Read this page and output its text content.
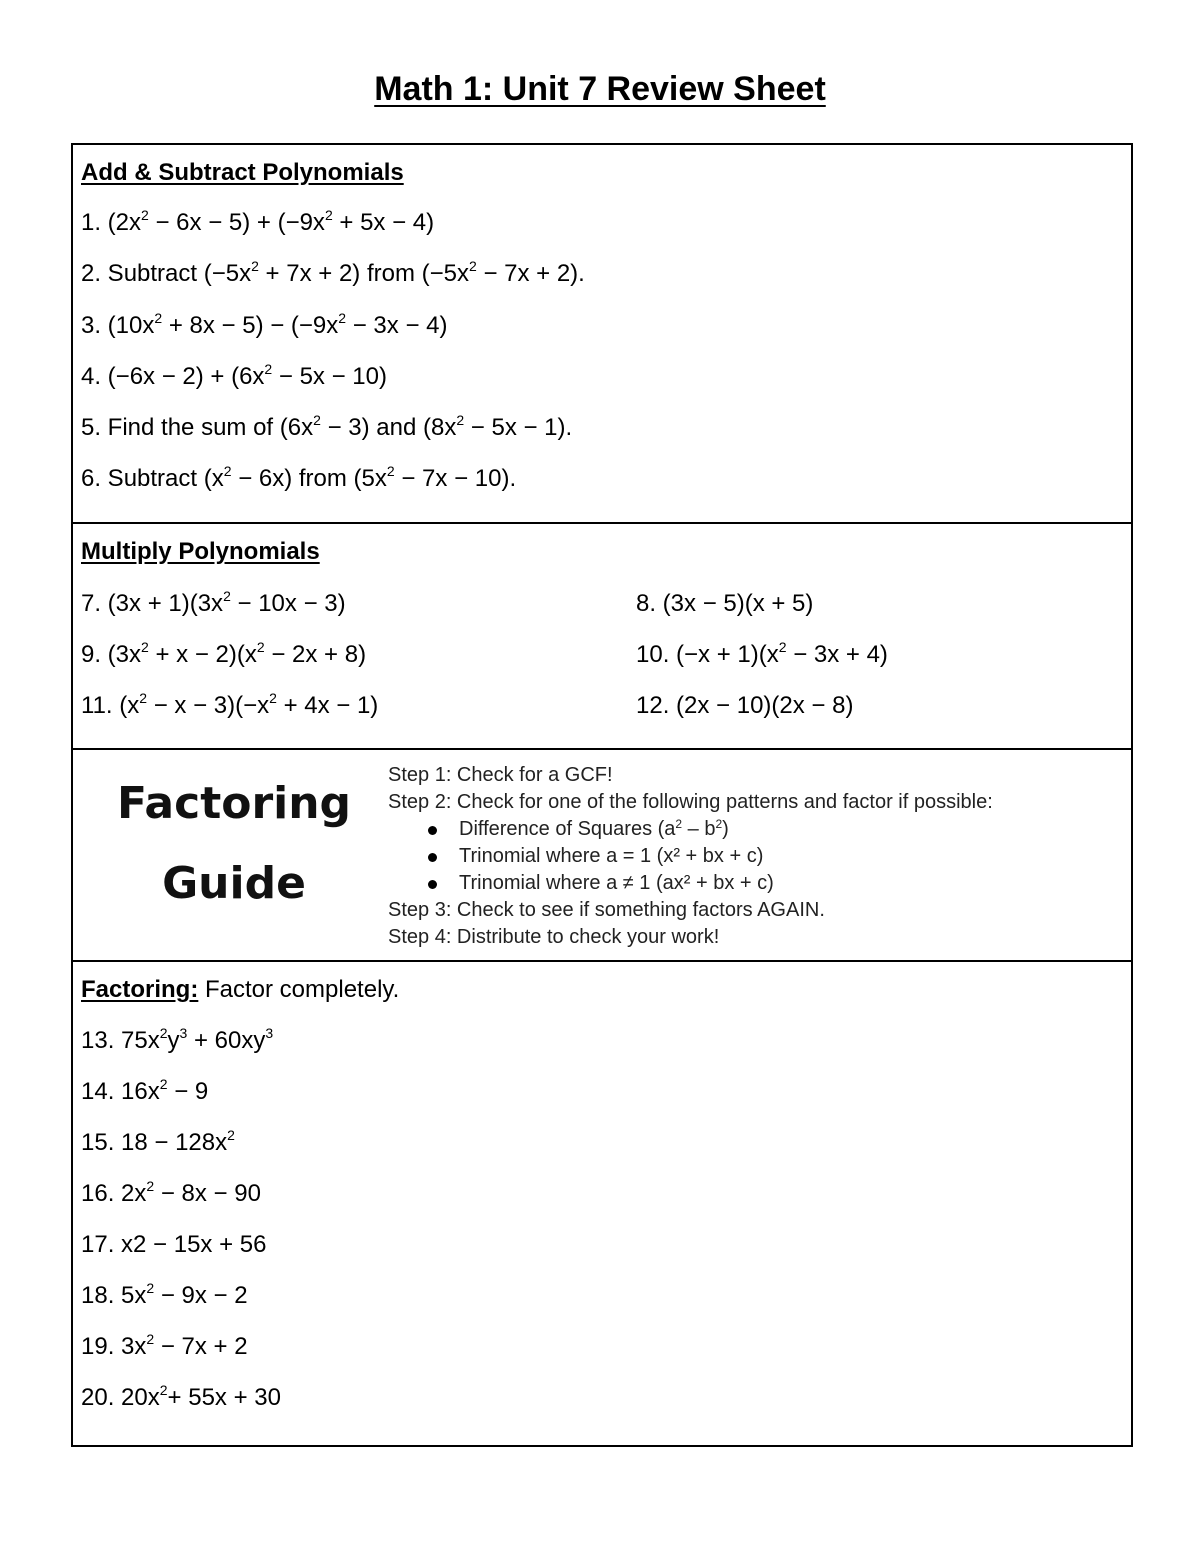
Math 1: Unit 7 Review Sheet
Add & Subtract Polynomials
1. $(2x^2 - 6x - 5) + (-9x^2 + 5x - 4)$
2. Subtract $(-5x^2 + 7x + 2)$ from $(-5x^2 - 7x + 2)$.
3. $(10x^2 + 8x - 5) - (-9x^2 - 3x - 4)$
4. $(-6x - 2) + (6x^2 - 5x - 10)$
5. Find the sum of $(6x^2 - 3)$ and $(8x^2 - 5x - 1)$.
6. Subtract $(x^2 - 6x)$ from $(5x^2 - 7x - 10)$.
Multiply Polynomials
7. $(3x + 1)(3x^2 - 10x - 3)$	8. (3x − 5)(x + 5)
9. $(3x^2 + x - 2)(x^2 - 2x + 8)$	10. $(-x + 1)(x^2 - 3x + 4)$
11. $(x^2 - x - 3)(-x^2 + 4x - 1)$	12. (2x − 10)(2x − 8)
Factoring
Guide
Step 1: Check for a GCF!
Step 2: Check for one of the following patterns and factor if possible:
Difference of Squares $(a^2 - b^2)$
Trinomial where a = 1 (x² + bx + c)
Trinomial where a ≠ 1 (ax² + bx + c)
Step 3: Check to see if something factors AGAIN.
Step 4: Distribute to check your work!
Factoring: Factor completely.
13. $75x^2y^3 + 60xy^3$
14. $16x^2 - 9$
15. $18 - 128x^2$
16. $2x^2 - 8x - 90$
17. x2 − 15x + 56
18. $5x^2 - 9x - 2$
19. $3x^2 - 7x + 2$
20. $20x^2+ 55x + 30$
